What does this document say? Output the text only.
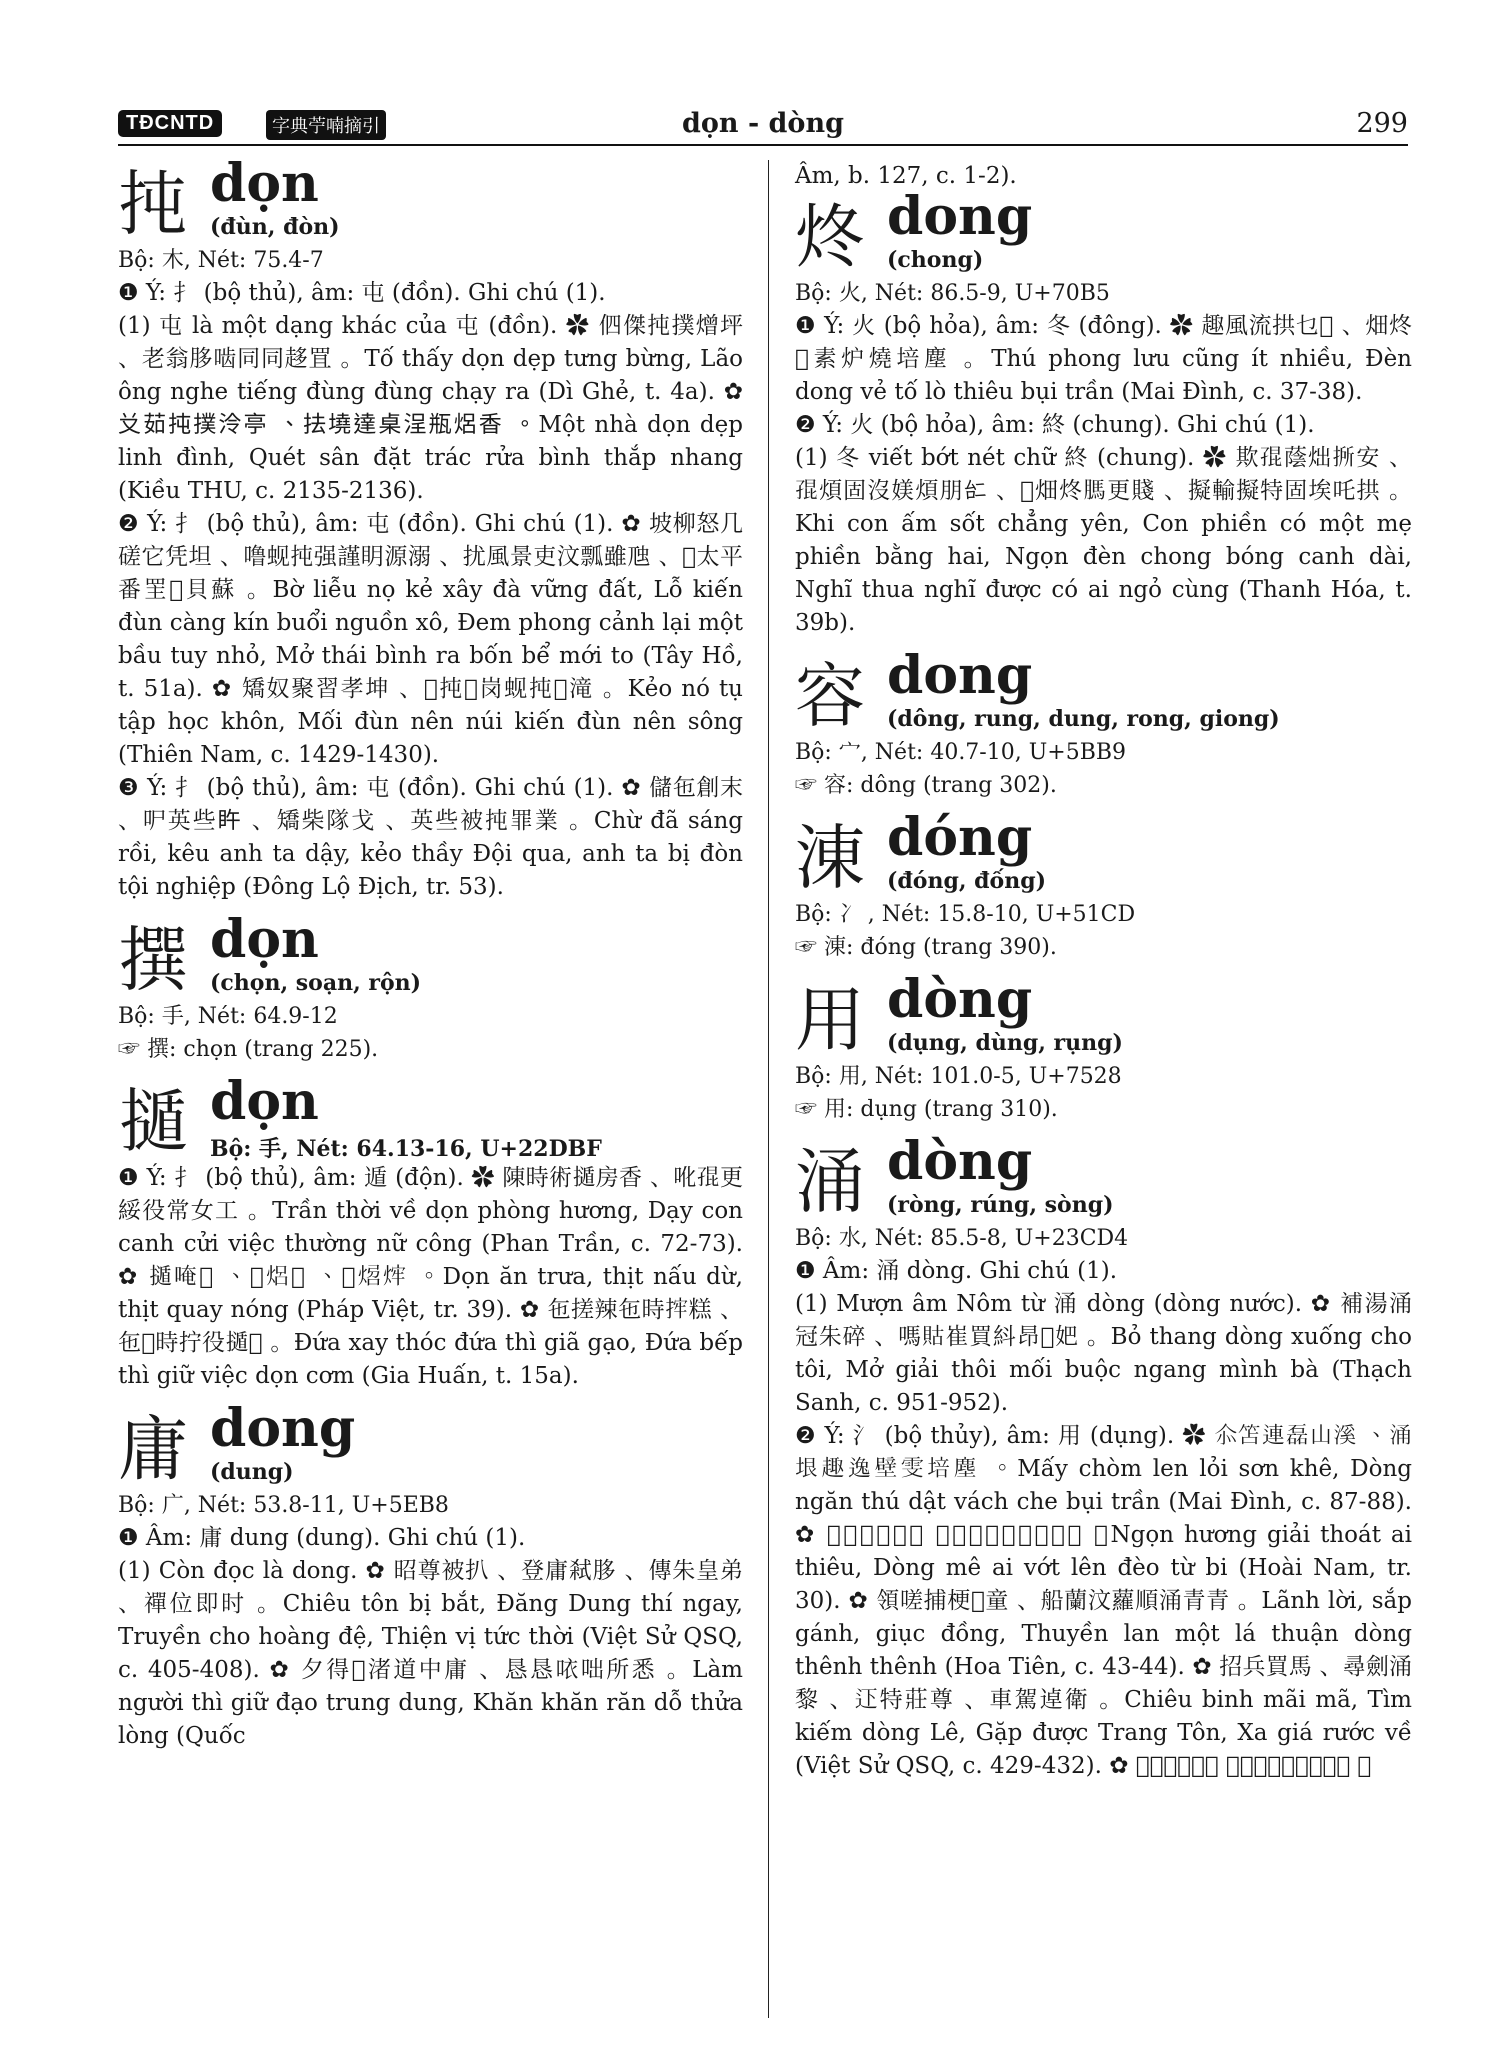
TĐCNTD	字典苧喃摘引	dọn - dòng	299
扽 dọn
(đùn, đòn)
Bộ: 木, Nét: 75.4-7

❶ Ý: 扌 (bộ thủ), âm: 屯 (đồn). Ghi chú (1).

(1) 屯 là một dạng khác của 屯 (đồn). ✿ 伵傑扽撲熷坪 、老翁䏧啮同同趍罝 。Tố thấy dọn dẹp tưng bừng, Lão ông nghe tiếng đùng đùng chạy ra (Dì Ghẻ, t. 4a). ✿ 𠬠茹扽撲泠亭 、抾墝達桌浧瓶焒香 。Một nhà dọn dẹp linh đình, Quét sân đặt trác rửa bình thắp nhang (Kiều THU, c. 2135-2136).

❷ Ý: 扌 (bộ thủ), âm: 屯 (đồn). Ghi chú (1). ✿ 坡柳怒几磋它凭坦 、噜蚬扽强謹眀源溺 、扰風景吏汶瓢雖虺 、𢁑太平番罜𣳔貝蘇 。Bờ liễu nọ kẻ xây đà vững đất, Lỗ kiến đùn càng kín buổi nguồn xô, Đem phong cảnh lại một bầu tuy nhỏ, Mở thái bình ra bốn bể mới to (Tây Hồ, t. 51a). ✿ 矯奴聚習孝坤 、𡚢扽𥒥岗蚬扽𥒥滝 。Kẻo nó tụ tập học khôn, Mối đùn nên núi kiến đùn nên sông (Thiên Nam, c. 1429-1430).

❸ Ý: 扌 (bộ thủ), âm: 屯 (đồn). Ghi chú (1). ✿ 儲㐌創末 、㕧英些𥄭 、矯柴隊戈 、英些被扽罪業 。Chừ đã sáng rồi, kêu anh ta dậy, kẻo thầy Đội qua, anh ta bị đòn tội nghiệp (Đông Lộ Địch, tr. 53).

撰 dọn
(chọn, soạn, rộn)
Bộ: 手, Nét: 64.9-12
☞ 撰: chọn (trang 225).
𢶿 dọn
Bộ: 手, Nét: 64.13-16, U+22DBF

❶ Ý: 扌 (bộ thủ), âm: 遁 (độn). ✿ 陳時術𢶿房香 、吪𡥵更綏役常女工 。Trần thời về dọn phòng hương, Dạy con canh cửi việc thường nữ công (Phan Trần, c. 72-73). ✿ 𢶿唵𣇜 、𩛖焒𤈜 、𩛖𤉝𤉍 。Dọn ăn trưa, thịt nấu dừ, thịt quay nóng (Pháp Việt, tr. 39). ✿ 㐌搓辣㐌時𢭂糕 、㐌𤒛時拧役𢶿𩛂 。Đứa xay thóc đứa thì giã gạo, Đứa bếp thì giữ việc dọn cơm (Gia Huấn, t. 15a).

庸 dong
(dung)
Bộ: 广, Nét: 53.8-11, U+5EB8

❶ Âm: 庸 dung (dung). Ghi chú (1).

(1) Còn đọc là dong. ✿ 昭尊被扒 、登庸弒䏧 、傳朱皇弟 、禪位即时 。Chiêu tôn bị bắt, Đăng Dung thí ngay, Truyền cho hoàng đệ, Thiện vị tức thời (Việt Sử QSQ, c. 405-408). ✿ 夕得𨀈渚道中庸 、恳恳𠲖咄所悉 。Làm người thì giữ đạo trung dung, Khăn khăn răn dỗ thửa lòng (Quốc

Âm, b. 127, c. 1-2).

炵 dong
(chong)
Bộ: 火, Nét: 86.5-9, U+70B5

❶ Ý: 火 (bộ hỏa), âm: 冬 (đông). ✿ 趣風流拱乜𩈘 、畑炵𢜝素炉燒培塵 。Thú phong lưu cũng ít nhiều, Đèn dong vẻ tố lò thiêu bụi trần (Mai Đình, c. 37-38).

❷ Ý: 火 (bộ hỏa), âm: 終 (chung). Ghi chú (1).

(1) 冬 viết bớt nét chữ 終 (chung). ✿ 欺𡥵蔭炪𢯢安 、𡥵煩固沒媄煩朋𠄩 、𦹵畑炵𦟐更賤 、擬輸擬特固埃吒拱 。Khi con ấm sốt chẳng yên, Con phiền có một mẹ phiền bằng hai, Ngọn đèn chong bóng canh dài, Nghĩ thua nghĩ được có ai ngỏ cùng (Thanh Hóa, t. 39b).

容 dong
(dông, rung, dung, rong, giong)
Bộ: 宀, Nét: 40.7-10, U+5BB9
☞ 容: dông (trang 302).
涷 dóng
(đóng, đống)
Bộ: 冫 , Nét: 15.8-10, U+51CD
☞ 涷: đóng (trang 390).
用 dòng
(dụng, dùng, rụng)
Bộ: 用, Nét: 101.0-5, U+7528
☞ 用: dụng (trang 310).
涌 dòng
(ròng, rúng, sòng)
Bộ: 水, Nét: 85.5-8, U+23CD4

❶ Âm: 涌 dòng. Ghi chú (1).

(1) Mượn âm Nôm từ 涌 dòng (dòng nước). ✿ 補湯涌冠朱碎 、嗎𧵑崔買紏昂𩢬妑 。Bỏ thang dòng xuống cho tôi, Mở giải thôi mối buộc ngang mình bà (Thạch Sanh, c. 951-952).

❷ Ý: 氵 (bộ thủy), âm: 用 (dụng). ✿ 𠇍笘連磊山溪 、涌垠趣逸壁雯培塵 。Mấy chòm len lỏi sơn khê, Dòng ngăn thú dật vách che bụi trần (Mai Đình, c. 87-88). ✿ 𦹵香𧵑脱埃燒 、涌迷埃越𨖲岩慈悲 。Ngọn hương giải thoát ai thiêu, Dòng mê ai vớt lên đèo từ bi (Hoài Nam, tr. 30). ✿ 領嗟捕梗𠻀童 、船蘭汶蘿順涌青青 。Lãnh lời, sắp gánh, giục đồng, Thuyền lan một lá thuận dòng thênh thênh (Hoa Tiên, c. 43-44). ✿ 招兵買馬 、尋劍涌黎 、𨑜特莊尊 、車駕逴衛 。Chiêu binh mãi mã, Tìm kiếm dòng Lê, Gặp được Trang Tôn, Xa giá rước về (Việt Sử QSQ, c. 429-432). ✿ 𡛔停𧡊𡨸麻輕 、領兵統制三丁汶涌 。
